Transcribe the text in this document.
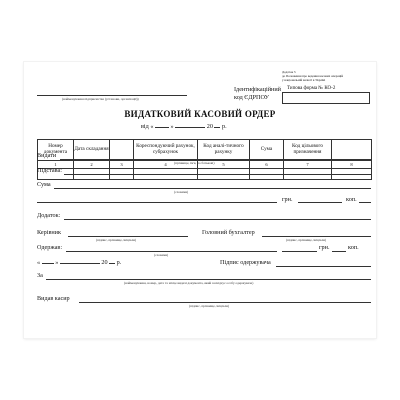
Додаток 3
до Положення про ведення касових операцій
у національній валюті в Україні
Типова форма № КО-2
(найменування підприємства (установи, організації))
Ідентифікаційний
код ЄДРПОУ
ВИДАТКОВИЙ КАСОВИЙ ОРДЕР
від «	»	20 р.
Номер документа	Дата складання		Кореспондуючий рахунок, субрахунок	Код аналі-тичного рахунку	Сума	Код цільового призначення	
1	2	3	4	5	6	7	8

Видати
(прізвище, ім'я, по батькові)
Підстава:
Сума
(словами)
грн.	коп.
Додаток:
Керівник
(підпис, прізвище, ініціали)
Головний бухгалтер
(підпис, прізвище, ініціали)
Одержав:
(словами)
грн.	коп.
« »	20 р.	Підпис одержувача
За
(найменування, номер, дата та місце видачі документа, який засвідчує особу одержувача)
Видав касир
(підпис, прізвище, ініціали)
